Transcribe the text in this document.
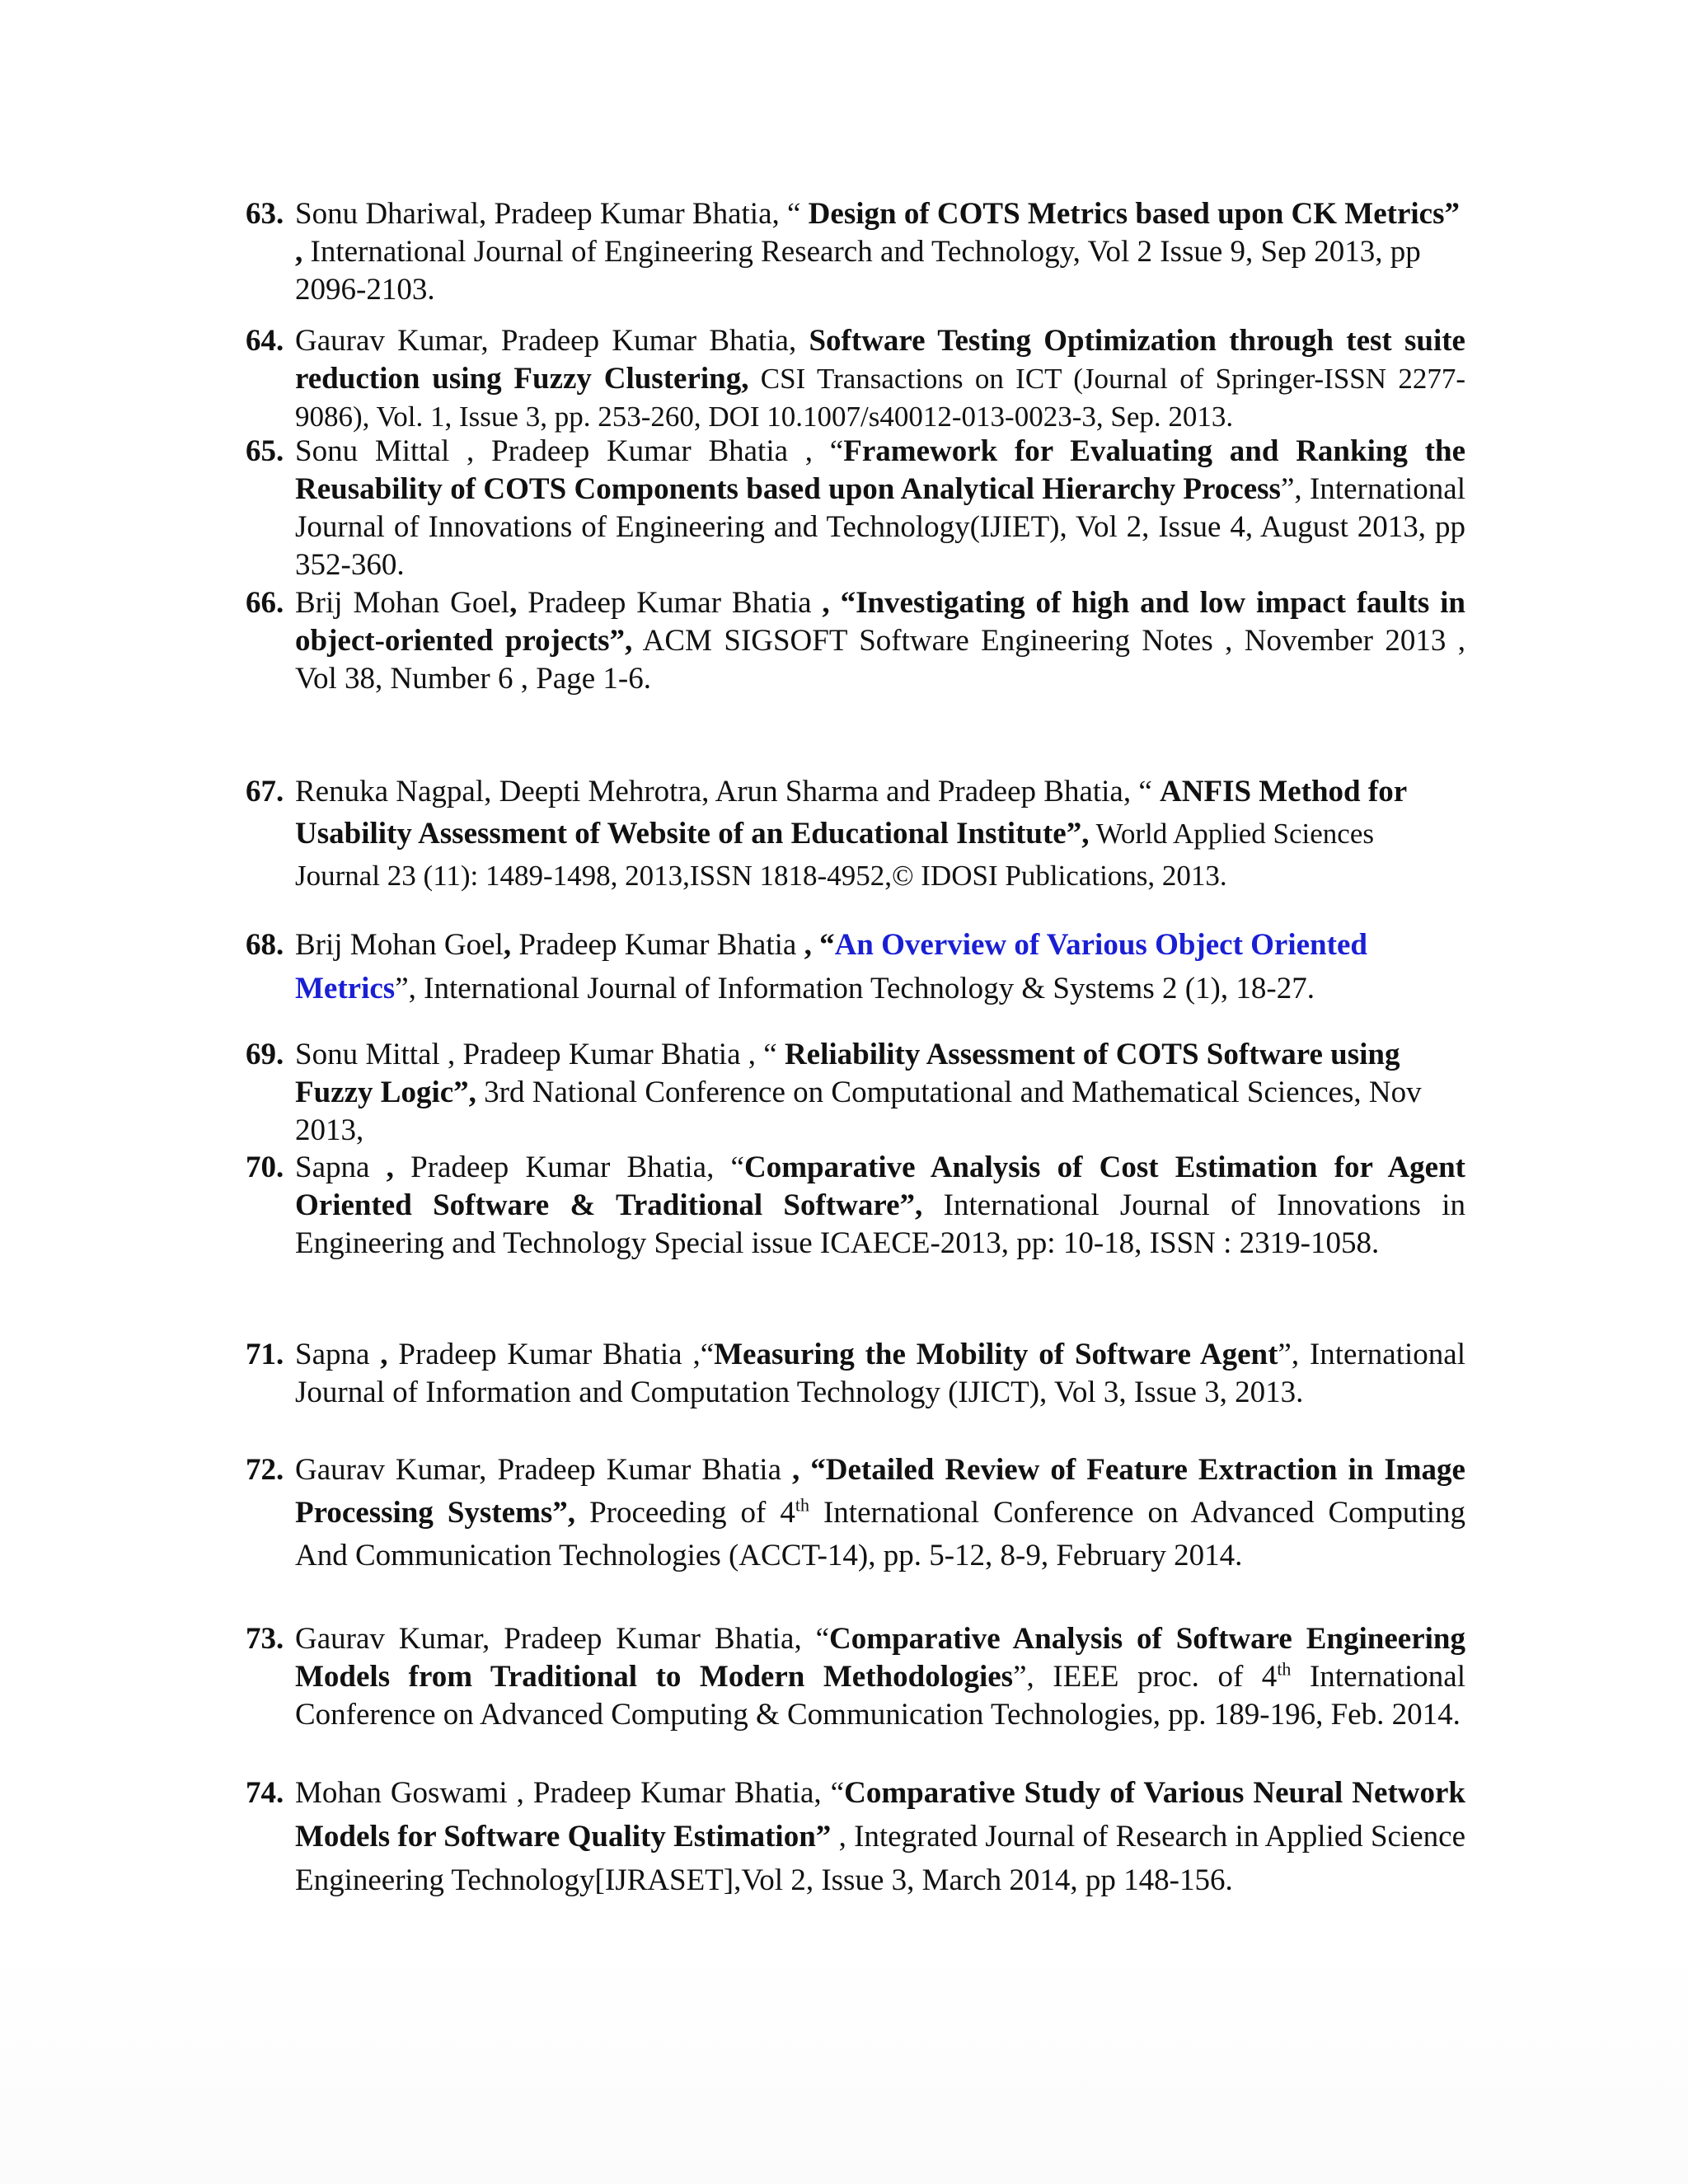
63. Sonu Dhariwal, Pradeep Kumar Bhatia, “ Design of COTS Metrics based upon CK Metrics” , International Journal of Engineering Research and Technology, Vol 2 Issue 9, Sep 2013, pp 2096-2103.
64. Gaurav Kumar, Pradeep Kumar Bhatia, Software Testing Optimization through test suite reduction using Fuzzy Clustering, CSI Transactions on ICT (Journal of Springer-ISSN 2277-9086), Vol. 1, Issue 3, pp. 253-260, DOI 10.1007/s40012-013-0023-3, Sep. 2013.
65. Sonu Mittal , Pradeep Kumar Bhatia , “Framework for Evaluating and Ranking the Reusability of COTS Components based upon Analytical Hierarchy Process”, International Journal of Innovations of Engineering and Technology(IJIET), Vol 2, Issue 4, August 2013, pp 352-360.
66. Brij Mohan Goel, Pradeep Kumar Bhatia , “Investigating of high and low impact faults in object-oriented projects”, ACM SIGSOFT Software Engineering Notes , November 2013 , Vol 38, Number 6 , Page 1-6.
67. Renuka Nagpal, Deepti Mehrotra, Arun Sharma and Pradeep Bhatia, “ ANFIS Method for Usability Assessment of Website of an Educational Institute”, World Applied Sciences Journal 23 (11): 1489-1498, 2013,ISSN 1818-4952,© IDOSI Publications, 2013.
68. Brij Mohan Goel, Pradeep Kumar Bhatia , “An Overview of Various Object Oriented Metrics”, International Journal of Information Technology & Systems 2 (1), 18-27.
69. Sonu Mittal , Pradeep Kumar Bhatia , “ Reliability Assessment of COTS Software using Fuzzy Logic”, 3rd National Conference on Computational and Mathematical Sciences, Nov 2013,
70. Sapna , Pradeep Kumar Bhatia, “Comparative Analysis of Cost Estimation for Agent Oriented Software & Traditional Software”, International Journal of Innovations in Engineering and Technology Special issue ICAECE-2013, pp: 10-18, ISSN : 2319-1058.
71. Sapna , Pradeep Kumar Bhatia ,“Measuring the Mobility of Software Agent”, International Journal of Information and Computation Technology (IJICT), Vol 3, Issue 3, 2013.
72. Gaurav Kumar, Pradeep Kumar Bhatia , “Detailed Review of Feature Extraction in Image Processing Systems”, Proceeding of 4th International Conference on Advanced Computing And Communication Technologies (ACCT-14), pp. 5-12, 8-9, February 2014.
73. Gaurav Kumar, Pradeep Kumar Bhatia, “Comparative Analysis of Software Engineering Models from Traditional to Modern Methodologies”, IEEE proc. of 4th International Conference on Advanced Computing & Communication Technologies, pp. 189-196, Feb. 2014.
74. Mohan Goswami , Pradeep Kumar Bhatia, “Comparative Study of Various Neural Network Models for Software Quality Estimation” , Integrated Journal of Research in Applied Science Engineering Technology[IJRASET],Vol 2, Issue 3, March 2014, pp 148-156.
